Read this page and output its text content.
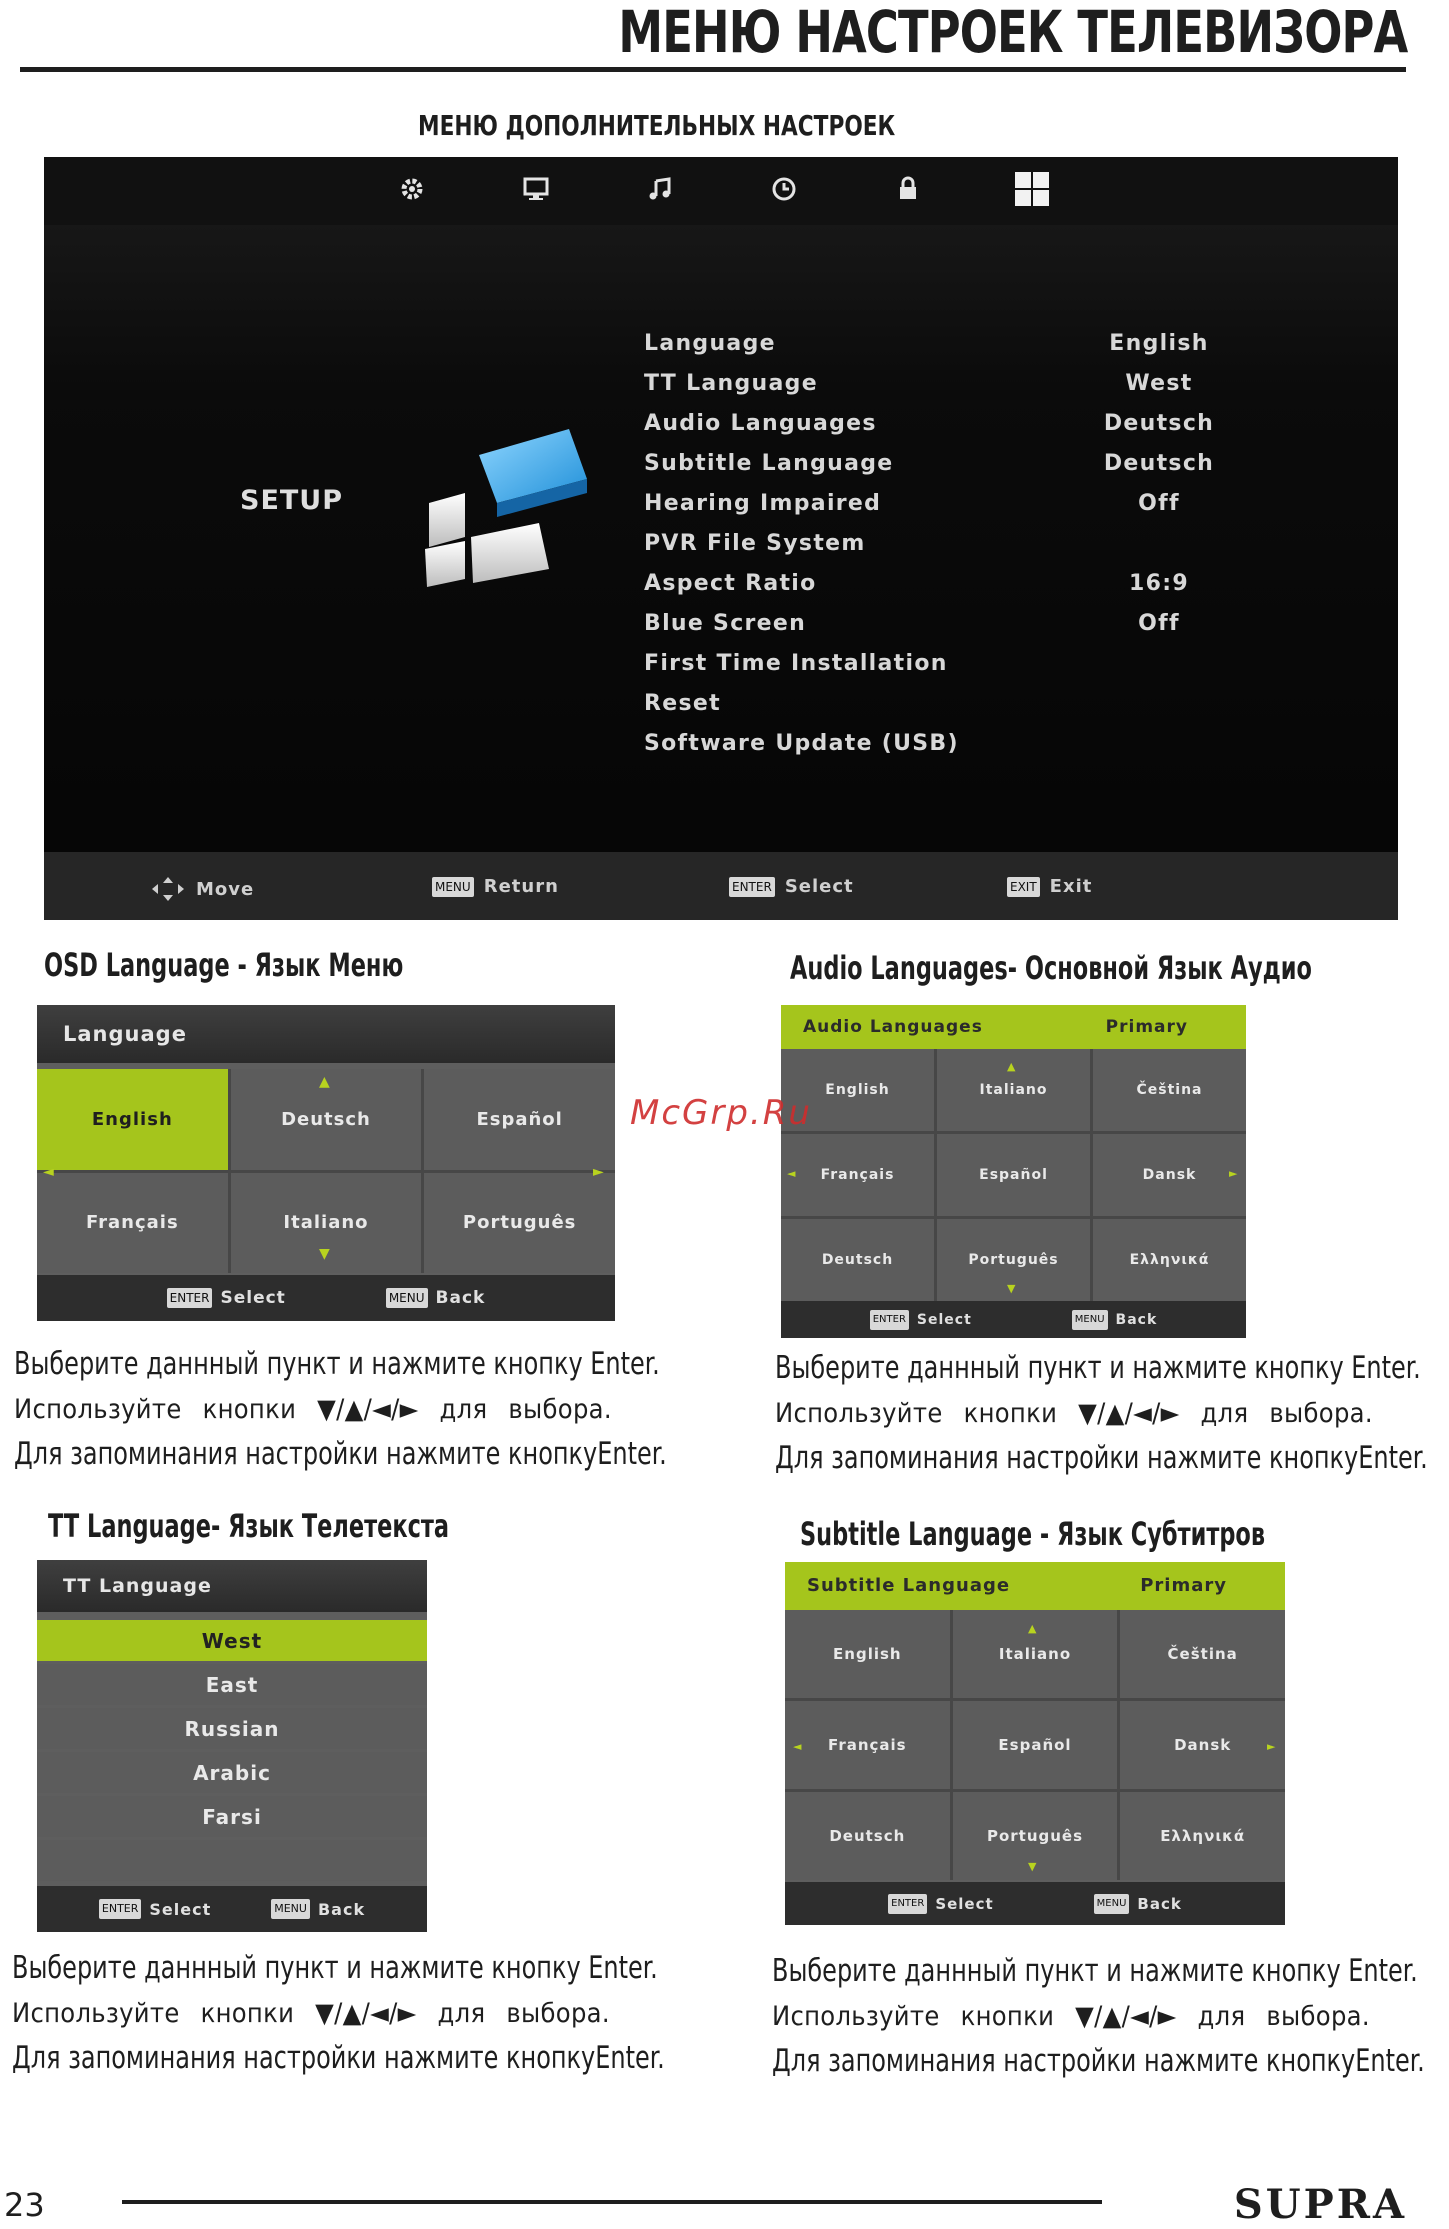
МЕНЮ НАСТРОЕК ТЕЛЕВИЗОРА
МЕНЮ ДОПОЛНИТЕЛЬНЫХ НАСТРОЕК
SETUP
Language	English
TT Language	West
Audio Languages	Deutsch
Subtitle Language	Deutsch
Hearing Impaired	Off
PVR File System
Aspect Ratio	16:9
Blue Screen	Off
First Time Installation
Reset
Software Update (USB)
Move	MENU Return	ENTER Select	EXIT Exit
OSD Language - Язык Меню
Language
English	Deutsch	Español
Français	Italiano	Português
▲
▼
◄	►
ENTER Select	MENU Back
Audio Languages- Основной Язык Аудио
Audio Languages	Primary
English	Italiano	Čeština
Français	Español	Dansk
Deutsch	Português	Ελληνικά
▲
▼
◄	►
ENTER Select	MENU Back
Выберите даннный пункт и нажмите кнопку Enter.
Используйте кнопки ▼/▲/◄/► для выбора.
Для запоминания настройки нажмите кнопкуEnter.
Выберите даннный пункт и нажмите кнопку Enter.
Используйте кнопки ▼/▲/◄/► для выбора.
Для запоминания настройки нажмите кнопкуEnter.
TT Language- Язык Телетекста
TT Language
West
East
Russian
Arabic
Farsi
ENTER Select	MENU Back
Subtitle Language - Язык Субтитров
Subtitle Language	Primary
English	Italiano	Čeština
Français	Español	Dansk
Deutsch	Português	Ελληνικά
▲
▼
◄	►
ENTER Select	MENU Back
Выберите даннный пункт и нажмите кнопку Enter.
Используйте кнопки ▼/▲/◄/► для выбора.
Для запоминания настройки нажмите кнопкуEnter.
Выберите даннный пункт и нажмите кнопку Enter.
Используйте кнопки ▼/▲/◄/► для выбора.
Для запоминания настройки нажмите кнопкуEnter.
McGrp.Ru
23	SUPRA
